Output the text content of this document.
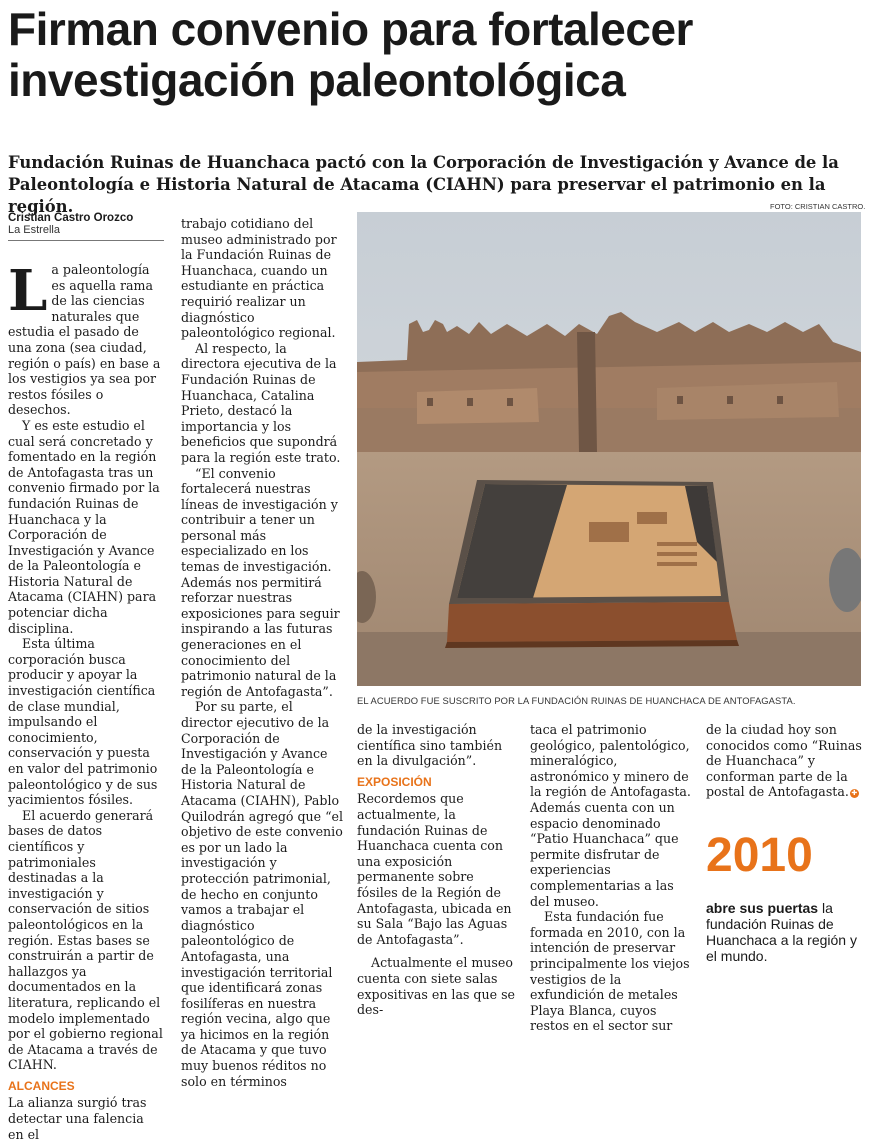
Firman convenio para fortalecer
investigación paleontológica

Fundación Ruinas de Huanchaca pactó con la Corporación de Investigación y Avance de la
Paleontología e Historia Natural de Atacama (CIAHN) para preservar el patrimonio en la región.

Cristian Castro Orozco
La Estrella
FOTO: CRISTIAN CASTRO.

La paleontología es aquella rama de las ciencias naturales que estudia el pasado de una zona (sea ciudad, región o país) en base a los vestigios ya sea por restos fósiles o desechos.

Y es este estudio el cual será concretado y fomentado en la región de Antofagasta tras un convenio firmado por la fundación Ruinas de Huanchaca y la Corporación de Investigación y Avance de la Paleontología e Historia Natural de Atacama (CIAHN) para potenciar dicha disciplina.

Esta última corporación busca producir y apoyar la investigación científica de clase mundial, impulsando el conocimiento, conservación y puesta en valor del patrimonio paleontológico y de sus yacimientos fósiles.

El acuerdo generará bases de datos científicos y patrimoniales destinadas a la investigación y conservación de sitios paleontológicos en la región. Estas bases se construirán a partir de hallazgos ya documentados en la literatura, replicando el modelo implementado por el gobierno regional de Atacama a través de CIAHN.

ALCANCES

La alianza surgió tras detectar una falencia en el

trabajo cotidiano del museo administrado por la Fundación Ruinas de Huanchaca, cuando un estudiante en práctica requirió realizar un diagnóstico paleontológico regional.

Al respecto, la directora ejecutiva de la Fundación Ruinas de Huanchaca, Catalina Prieto, destacó la importancia y los beneficios que supondrá para la región este trato.

“El convenio fortalecerá nuestras líneas de investigación y contribuir a tener un personal más especializado en los temas de investigación. Además nos permitirá reforzar nuestras exposiciones para seguir inspirando a las futuras generaciones en el conocimiento del patrimonio natural de la región de Antofagasta”.

Por su parte, el director ejecutivo de la Corporación de Investigación y Avance de la Paleontología e Historia Natural de Atacama (CIAHN), Pablo Quilodrán agregó que “el objetivo de este convenio es por un lado la investigación y protección patrimonial, de hecho en conjunto vamos a trabajar el diagnóstico paleontológico de Antofagasta, una investigación territorial que identificará zonas fosilíferas en nuestra región vecina, algo que ya hicimos en la región de Atacama y que tuvo muy buenos réditos no solo en términos

EL ACUERDO FUE SUSCRITO POR LA FUNDACIÓN RUINAS DE HUANCHACA DE ANTOFAGASTA.

de la investigación científica sino también en la divulgación”.

EXPOSICIÓN

Recordemos que actualmente, la fundación Ruinas de Huanchaca cuenta con una exposición permanente sobre fósiles de la Región de Antofagasta, ubicada en su Sala “Bajo las Aguas de Antofagasta”.

Actualmente el museo cuenta con siete salas expositivas en las que se des-

taca el patrimonio geológico, palentológico, mineralógico, astronómico y minero de la región de Antofagasta. Además cuenta con un espacio denominado “Patio Huanchaca” que permite disfrutar de experiencias complementarias a las del museo.

Esta fundación fue formada en 2010, con la intención de preservar principalmente los viejos vestigios de la exfundición de metales Playa Blanca, cuyos restos en el sector sur

de la ciudad hoy son conocidos como “Ruinas de Huanchaca” y conforman parte de la postal de Antofagasta. ✚

2010
abre sus puertas la fundación Ruinas de Huanchaca a la región y el mundo.
